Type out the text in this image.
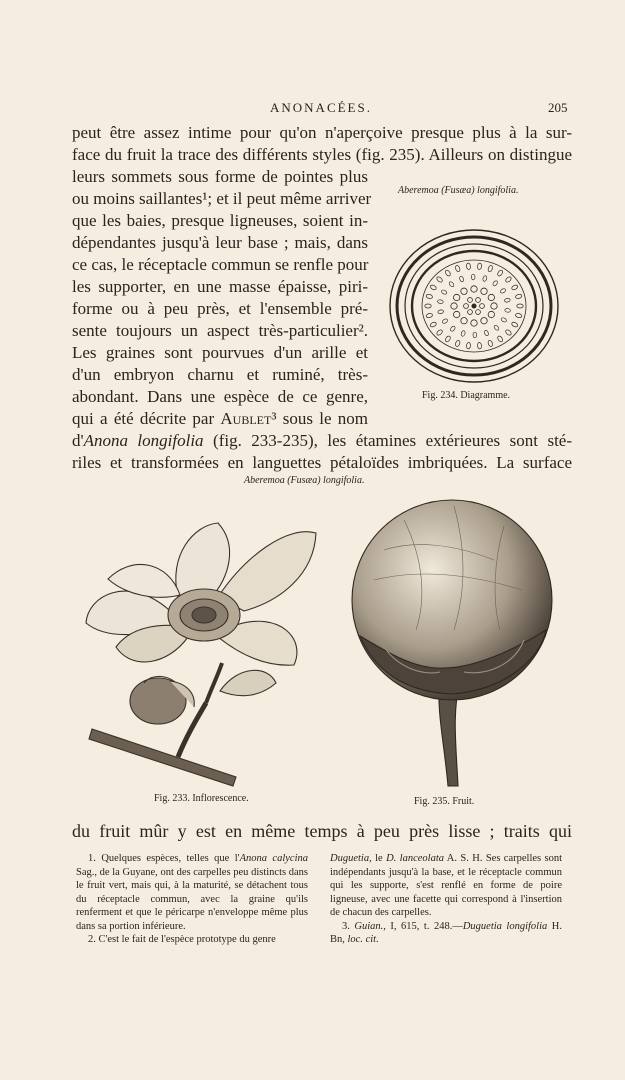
ANONACÉES.	205
peut être assez intime pour qu'on n'aperçoive presque plus à la sur-
face du fruit la trace des différents styles (fig. 235). Ailleurs on distingue
leurs sommets sous forme de pointes plus
ou moins saillantes¹; et il peut même arriver
que les baies, presque ligneuses, soient in-
dépendantes jusqu'à leur base ; mais, dans
ce cas, le réceptacle commun se renfle pour
les supporter, en une masse épaisse, piri-
forme ou à peu près, et l'ensemble pré-
sente toujours un aspect très-particulier².
Les graines sont pourvues d'un arille et
d'un embryon charnu et ruminé, très-
abondant. Dans une espèce de ce genre,
qui a été décrite par Aublet³ sous le nom
d'Anona longifolia (fig. 233-235), les étamines extérieures sont sté-
riles et transformées en languettes pétaloïdes imbriquées. La surface
Aberemoa (Fusæa) longifolia.
Fig. 234. Diagramme.
Aberemoa (Fusæa) longifolia.
Fig. 233. Inflorescence.	Fig. 235. Fruit.
du fruit mûr y est en même temps à peu près lisse ; traits qui

1. Quelques espèces, telles que l'Anona calycina Sag., de la Guyane, ont des carpelles peu distincts dans le fruit vert, mais qui, à la maturité, se détachent tous du réceptacle commun, avec la graine qu'ils renferment et que le péricarpe n'enveloppe même plus dans sa portion inférieure.

2. C'est le fait de l'espèce prototype du genre

Duguetia, le D. lanceolata A. S. H. Ses carpelles sont indépendants jusqu'à la base, et le réceptacle commun qui les supporte, s'est renflé en forme de poire ligneuse, avec une facette qui correspond à l'insertion de chacun des carpelles.

3. Guian., I, 615, t. 248.—Duguetia longifolia H. Bn, loc. cit.
